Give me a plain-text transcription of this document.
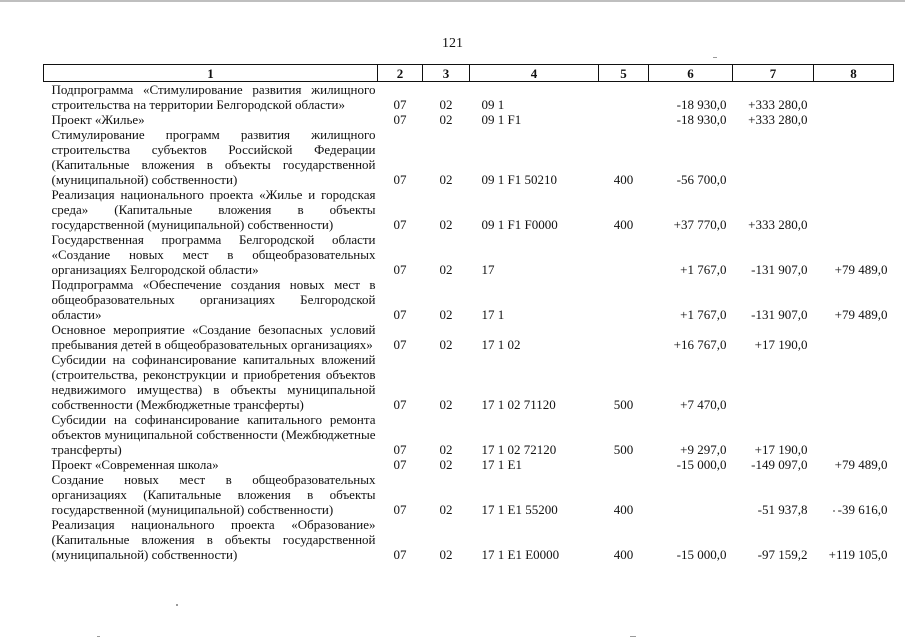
121
1	2	3	4	5	6	7	8
Подпрограмма «Стимулирование развития жилищного строительства на территории Белгородской области»	07	02	09 1		-18 930,0	+333 280,0	
Проект «Жилье»	07	02	09 1 F1		-18 930,0	+333 280,0	
Стимулирование программ развития жилищного строительства субъектов Российской Федерации (Капитальные вложения в объекты государственной (муниципальной) собственности)	07	02	09 1 F1 50210	400	-56 700,0		
Реализация национального проекта «Жилье и городская среда» (Капитальные вложения в объекты государственной (муниципальной) собственности)	07	02	09 1 F1 F0000	400	+37 770,0	+333 280,0	
Государственная программа Белгородской области «Создание новых мест в общеобразовательных организациях Белгородской области»	07	02	17		+1 767,0	-131 907,0	+79 489,0
Подпрограмма «Обеспечение создания новых мест в общеобразовательных организациях Белгородской области»	07	02	17 1		+1 767,0	-131 907,0	+79 489,0
Основное мероприятие «Создание безопасных условий пребывания детей в общеобразовательных организациях»	07	02	17 1 02		+16 767,0	+17 190,0	
Субсидии на софинансирование капитальных вложений (строительства, реконструкции и приобретения объектов недвижимого имущества) в объекты муниципальной собственности (Межбюджетные трансферты)	07	02	17 1 02 71120	500	+7 470,0		
Субсидии на софинансирование капитального ремонта объектов муниципальной собственности (Межбюджетные трансферты)	07	02	17 1 02 72120	500	+9 297,0	+17 190,0	
Проект «Современная школа»	07	02	17 1 E1		-15 000,0	-149 097,0	+79 489,0
Создание новых мест в общеобразовательных организациях (Капитальные вложения в объекты государственной (муниципальной) собственности)	07	02	17 1 E1 55200	400		-51 937,8	-39 616,0
Реализация национального проекта «Образование» (Капитальные вложения в объекты государственной (муниципальной) собственности)	07	02	17 1 E1 E0000	400	-15 000,0	-97 159,2	+119 105,0
